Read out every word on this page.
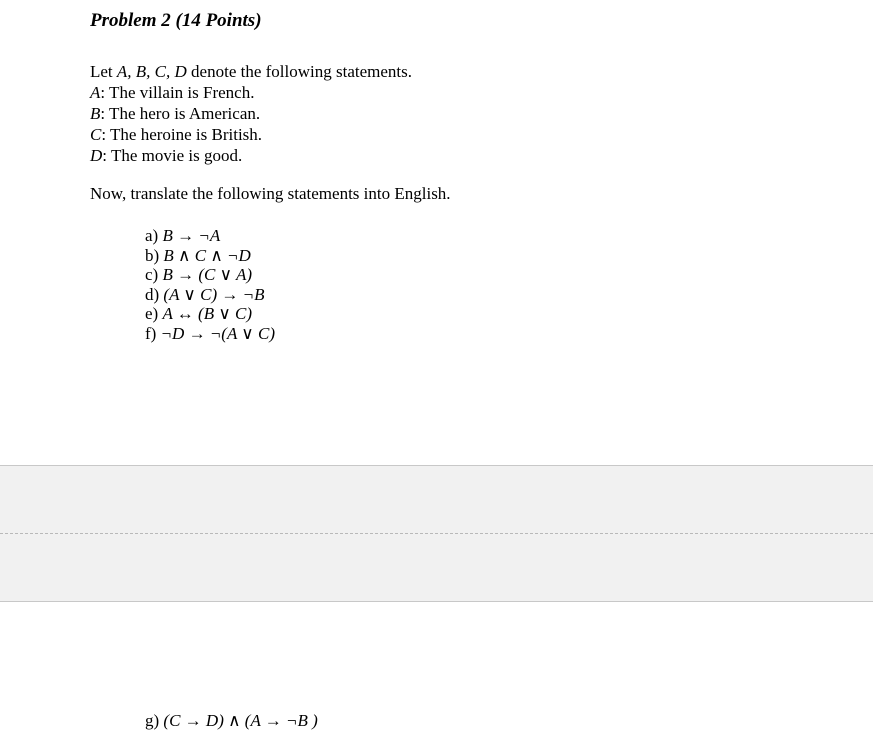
Problem 2 (14 Points)
Let A, B, C, D denote the following statements.
A: The villain is French.
B: The hero is American.
C: The heroine is British.
D: The movie is good.
Now, translate the following statements into English.
a) B → ¬A
b) B ∧ C ∧ ¬D
c) B → (C ∨ A)
d) (A ∨ C) → ¬B
e) A ↔ (B ∨ C)
f) ¬D → ¬(A ∨ C)
g) (C → D) ∧ (A → ¬B )
